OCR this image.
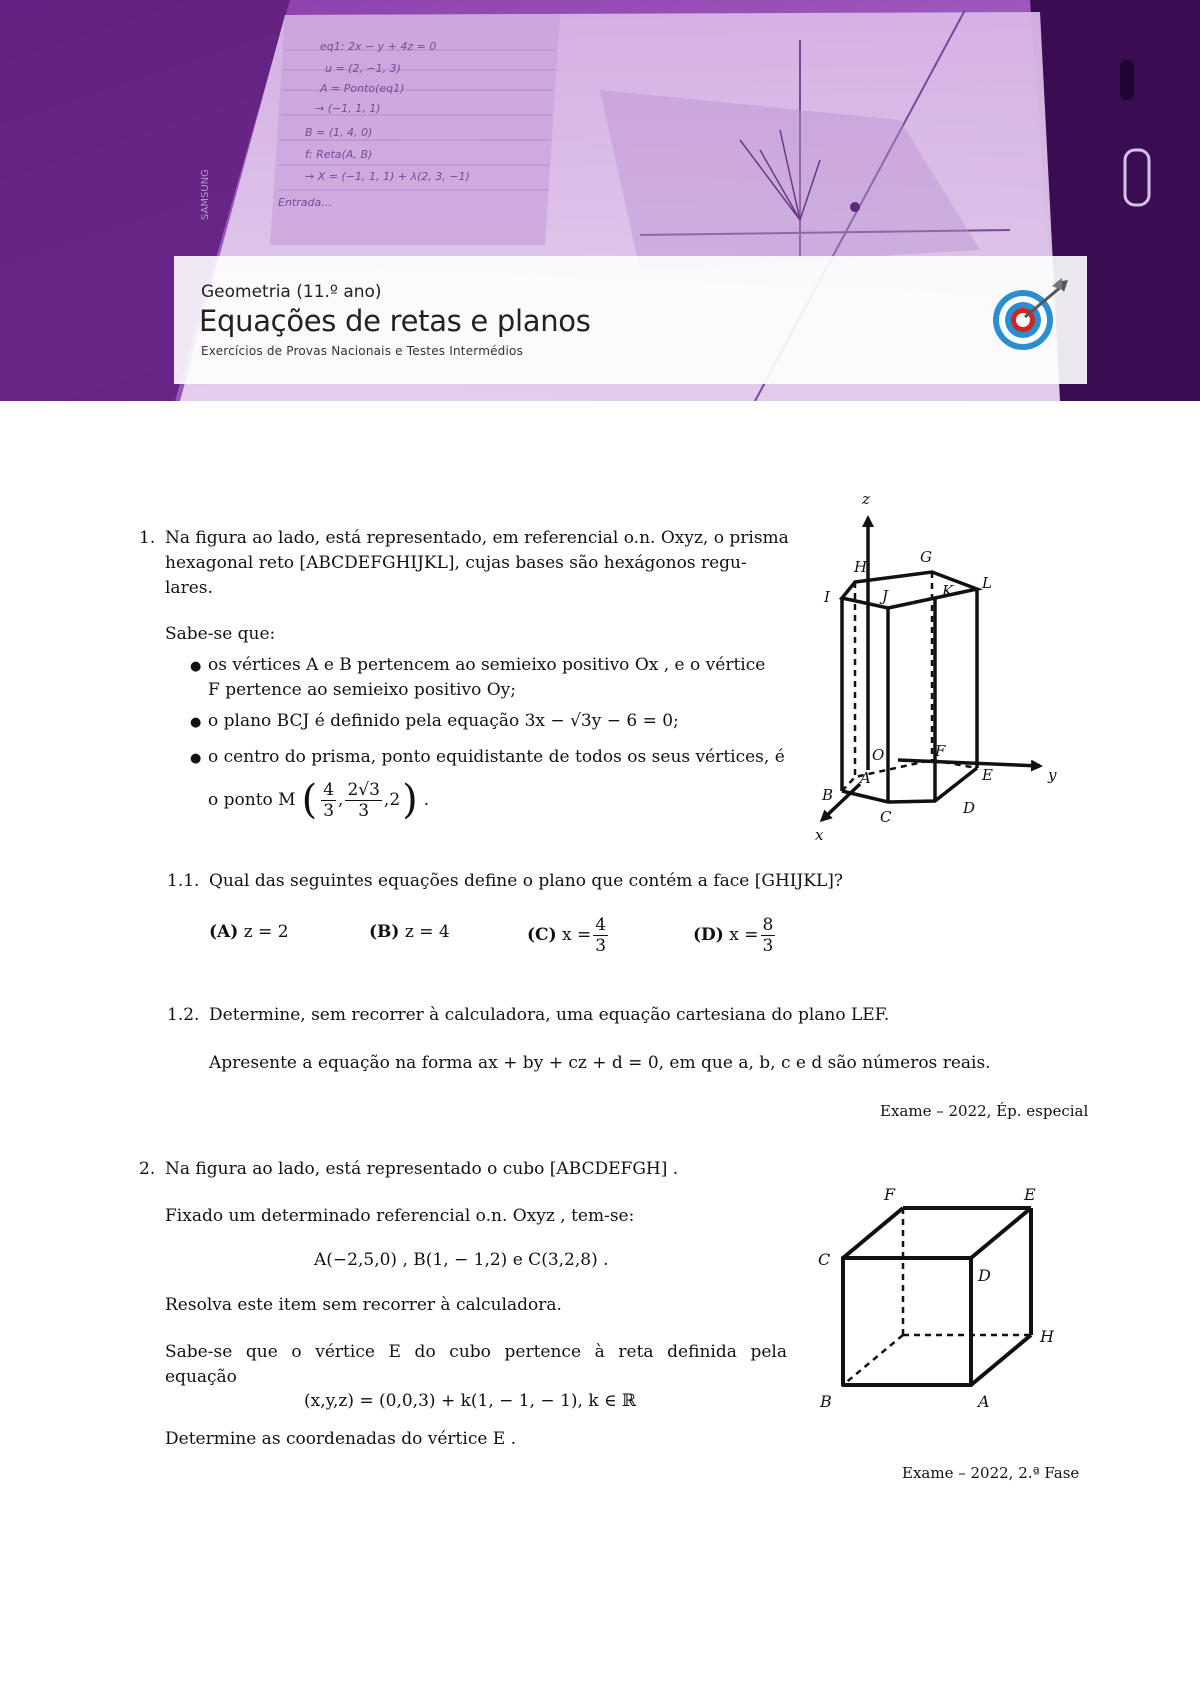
eq1: 2x − y + 4z = 0
u = (2, −1, 3)
A = Ponto(eq1)
→ (−1, 1, 1)
B = (1, 4, 0)
f: Reta(A, B)
→ X = (−1, 1, 1) + λ(2, 3, −1)
Entrada...
SAMSUNG
Geometria (11.º ano)
Equações de retas e planos
Exercícios de Provas Nacionais e Testes Intermédios
1. Na figura ao lado, está representado, em referencial o.n. Oxyz, o prisma
hexagonal reto [ABCDEFGHIJKL], cujas bases são hexágonos regu-
lares.
Sabe-se que:
● os vértices A e B pertencem ao semieixo positivo Ox , e o vértice
F pertence ao semieixo positivo Oy;
● o plano BCJ é definido pela equação 3x − √3y − 6 = 0;
● o centro do prisma, ponto equidistante de todos os seus vértices, é
o ponto M ( $\frac{4}{3}$ , $\frac{2√3}{3}$ , 2 ) .
z
y
x
O
A
B
C	D
E
F
G
H
I	J	K L
1.1. Qual das seguintes equações define o plano que contém a face [GHIJKL]?
(A) z = 2	(B) z = 4	(C)
$x = \frac{4}{3}$	(D)
$x = \frac{8}{3}$
1.2. Determine, sem recorrer à calculadora, uma equação cartesiana do plano LEF.
Apresente a equação na forma ax + by + cz + d = 0, em que a, b, c e d são números reais.
Exame – 2022, Ép. especial
2. Na figura ao lado, está representado o cubo [ABCDEFGH] .
Fixado um determinado referencial o.n. Oxyz , tem-se:
A(−2,5,0) , B(1, − 1,2) e C(3,2,8) .
Resolva este item sem recorrer à calculadora.
Sabe-se que o vértice E do cubo pertence à reta definida pela
equação
(x,y,z) = (0,0,3) + k(1, − 1, − 1), k ∈ ℝ
Determine as coordenadas do vértice E .
F	E
C
D
H
B	A
Exame – 2022, 2.ª Fase
